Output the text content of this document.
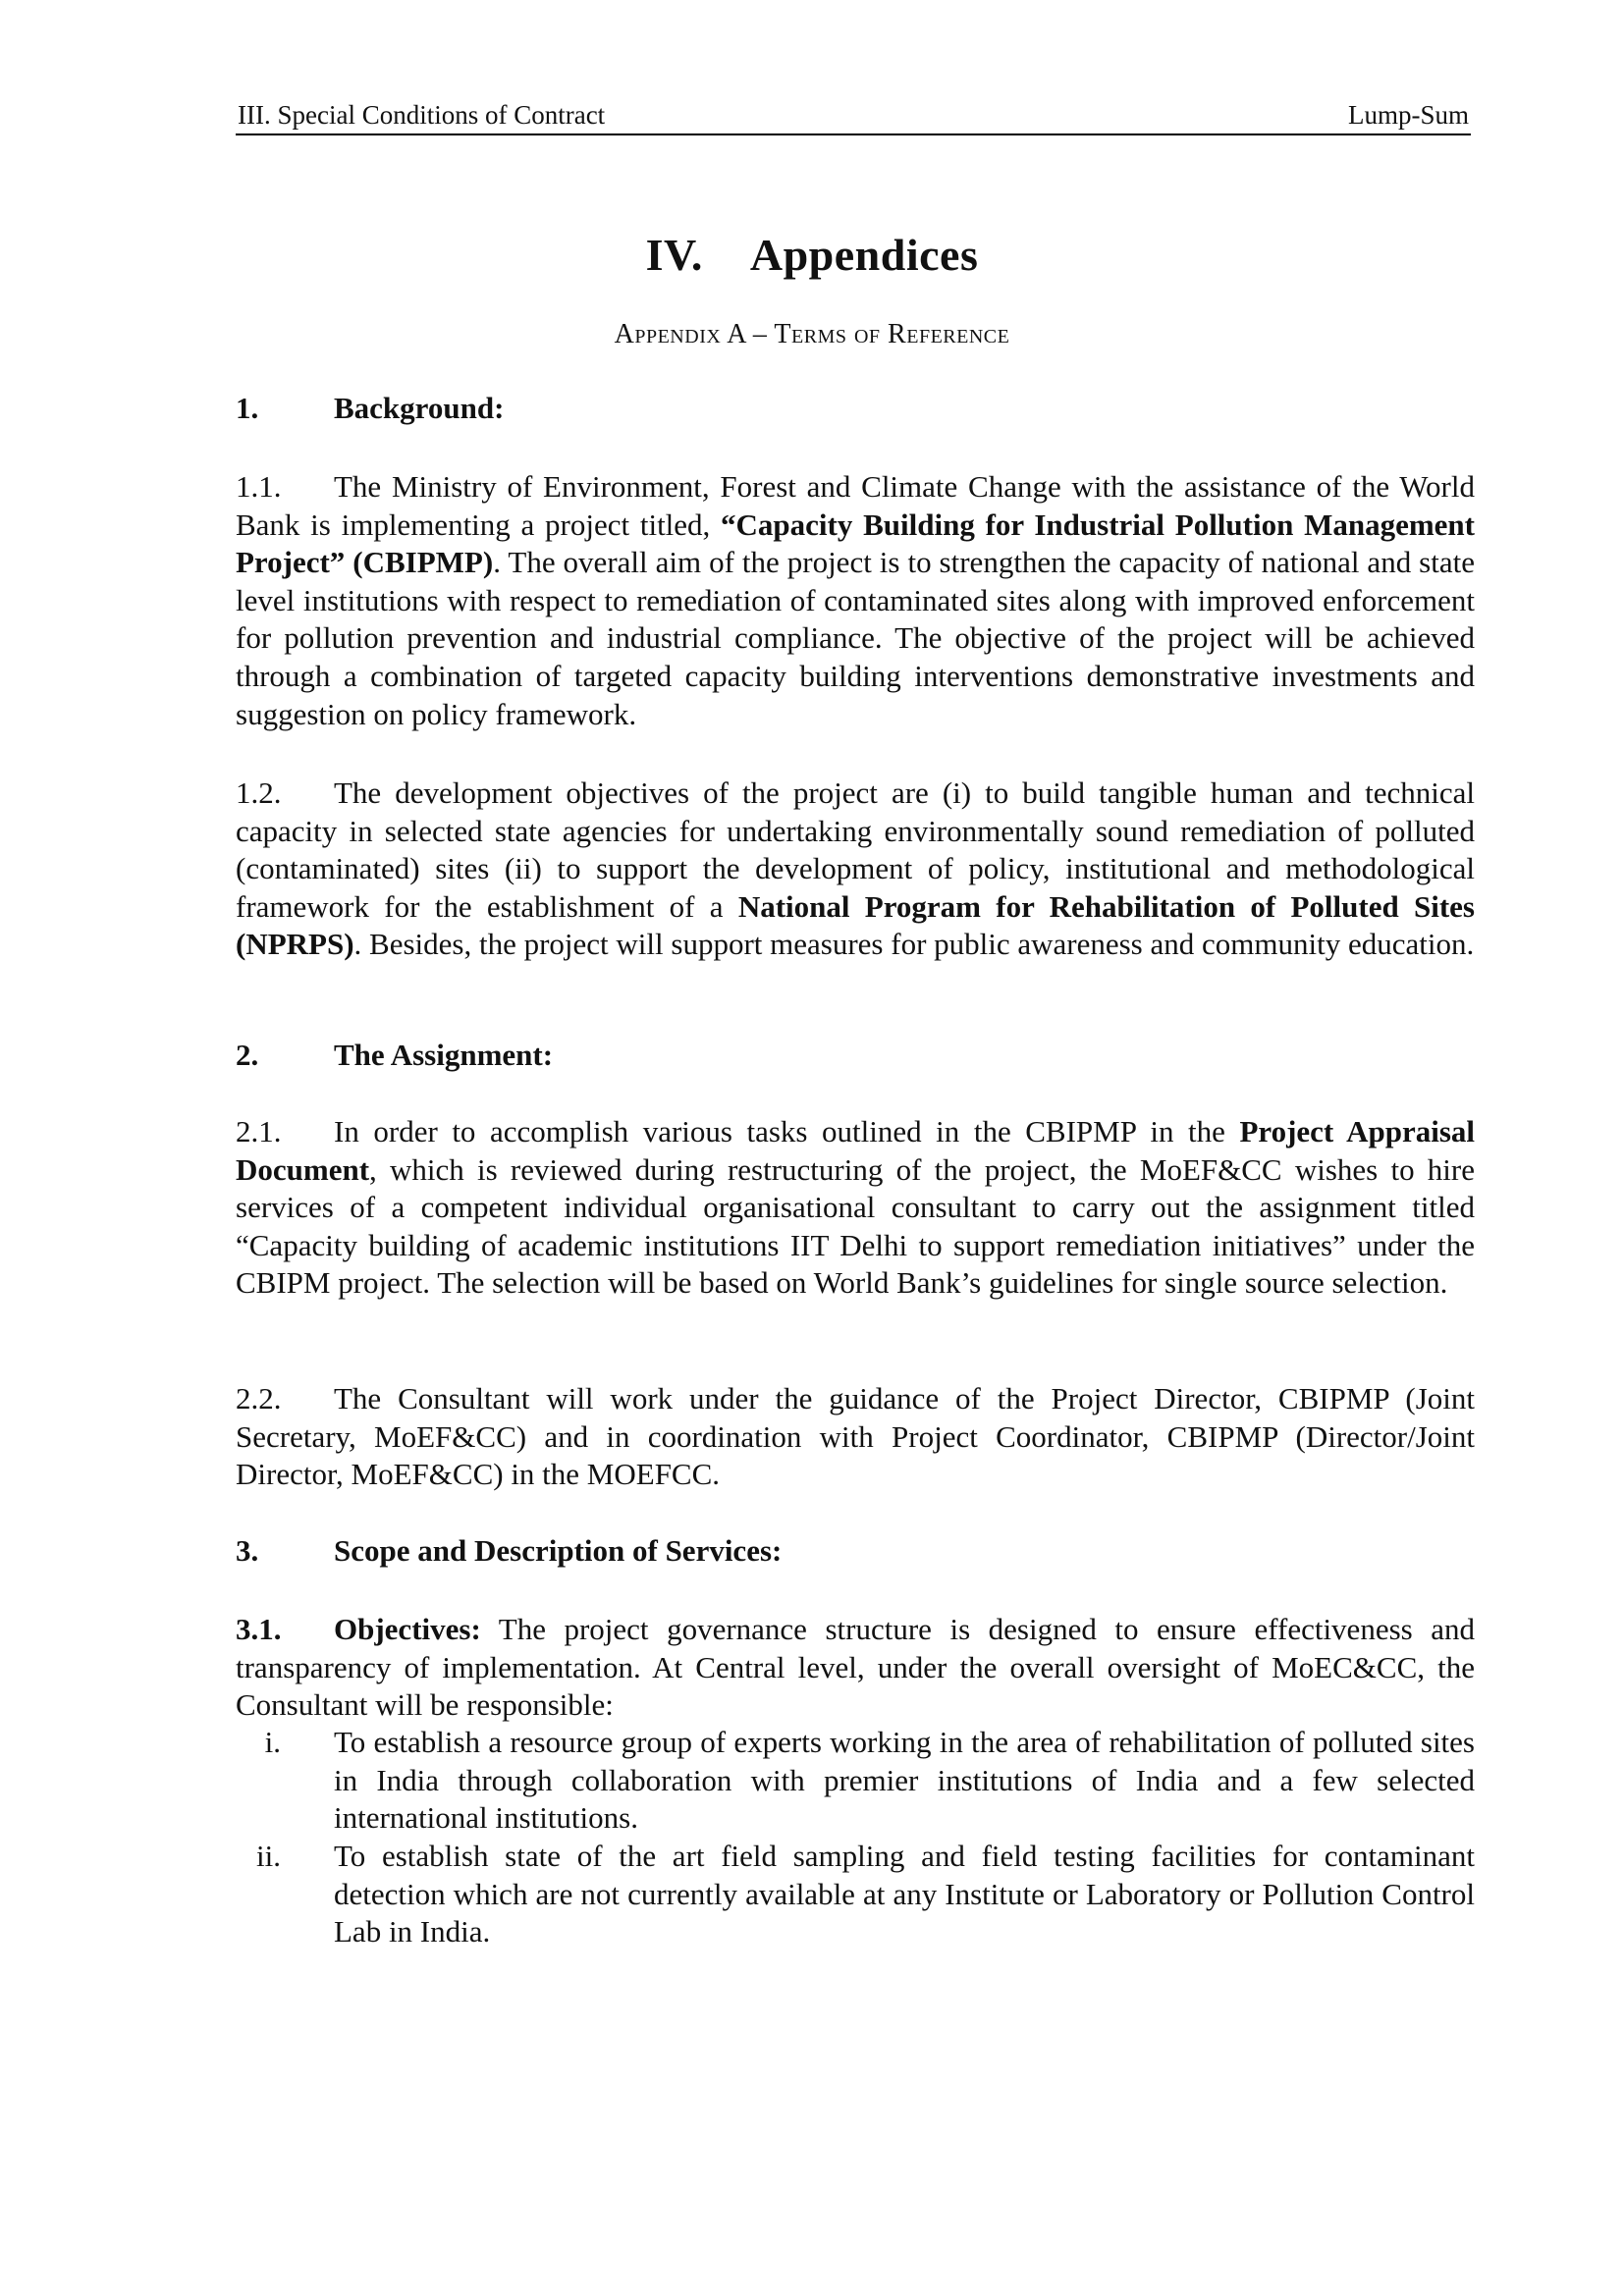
III. Special Conditions of Contract	Lump-Sum
IV. Appendices
Appendix A – Terms of Reference
1. Background:

1.1. The Ministry of Environment, Forest and Climate Change with the assistance of the World Bank is implementing a project titled, “Capacity Building for Industrial Pollution Management Project” (CBIPMP). The overall aim of the project is to strengthen the capacity of national and state level institutions with respect to remediation of contaminated sites along with improved enforcement for pollution prevention and industrial compliance. The objective of the project will be achieved through a combination of targeted capacity building interventions demonstrative investments and suggestion on policy framework.

1.2. The development objectives of the project are (i) to build tangible human and technical capacity in selected state agencies for undertaking environmentally sound remediation of polluted (contaminated) sites (ii) to support the development of policy, institutional and methodological framework for the establishment of a National Program for Rehabilitation of Polluted Sites (NPRPS). Besides, the project will support measures for public awareness and community education.

2. The Assignment:

2.1. In order to accomplish various tasks outlined in the CBIPMP in the Project Appraisal Document, which is reviewed during restructuring of the project, the MoEF&CC wishes to hire services of a competent individual organisational consultant to carry out the assignment titled “Capacity building of academic institutions IIT Delhi to support remediation initiatives” under the CBIPM project. The selection will be based on World Bank’s guidelines for single source selection.

2.2. The Consultant will work under the guidance of the Project Director, CBIPMP (Joint Secretary, MoEF&CC) and in coordination with Project Coordinator, CBIPMP (Director/Joint Director, MoEF&CC) in the MOEFCC.

3. Scope and Description of Services:

3.1. Objectives: The project governance structure is designed to ensure effectiveness and transparency of implementation. At Central level, under the overall oversight of MoEC&CC, the Consultant will be responsible:

i. To establish a resource group of experts working in the area of rehabilitation of polluted sites in India through collaboration with premier institutions of India and a few selected international institutions.
ii. To establish state of the art field sampling and field testing facilities for contaminant detection which are not currently available at any Institute or Laboratory or Pollution Control Lab in India.
